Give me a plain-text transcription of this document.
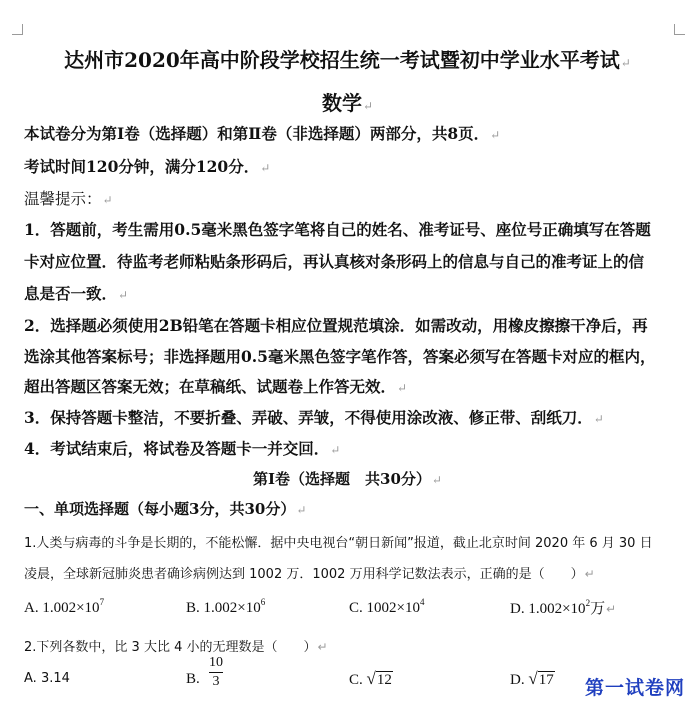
达州市2020年高中阶段学校招生统一考试暨初中学业水平考试↵
数学↵
本试卷分为第Ⅰ卷（选择题）和第Ⅱ卷（非选择题）两部分，共8页．↵
考试时间120分钟，满分120分．↵
温馨提示：↵
1．答题前，考生需用0.5毫米黑色签字笔将自己的姓名、准考证号、座位号正确填写在答题
卡对应位置．待监考老师粘贴条形码后，再认真核对条形码上的信息与自己的准考证上的信
息是否一致．↵
2．选择题必须使用2B铅笔在答题卡相应位置规范填涂．如需改动，用橡皮擦擦干净后，再
选涂其他答案标号；非选择题用0.5毫米黑色签字笔作答，答案必须写在答题卡对应的框内，
超出答题区答案无效；在草稿纸、试题卷上作答无效．↵
3．保持答题卡整洁，不要折叠、弄破、弄皱，不得使用涂改液、修正带、刮纸刀．↵
4．考试结束后，将试卷及答题卡一并交回．↵
第Ⅰ卷（选择题　共30分）↵
一、单项选择题（每小题3分，共30分）↵
1.人类与病毒的斗争是长期的，不能松懈．据中央电视台“朝日新闻”报道，截止北京时间 2020 年 6 月 30 日
凌晨，全球新冠肺炎患者确诊病例达到 1002 万．1002 万用科学记数法表示，正确的是（　　）↵
A. $1.002\times 10^7$	B. $1.002\times 10^6$	C. $1002\times 10^4$	D. $1.002\times 10^2$万↵
2.下列各数中，比 3 大比 4 小的无理数是（　　）↵
A. 3.14	B.
10
3	C. √12	D. √17 第一试卷网
